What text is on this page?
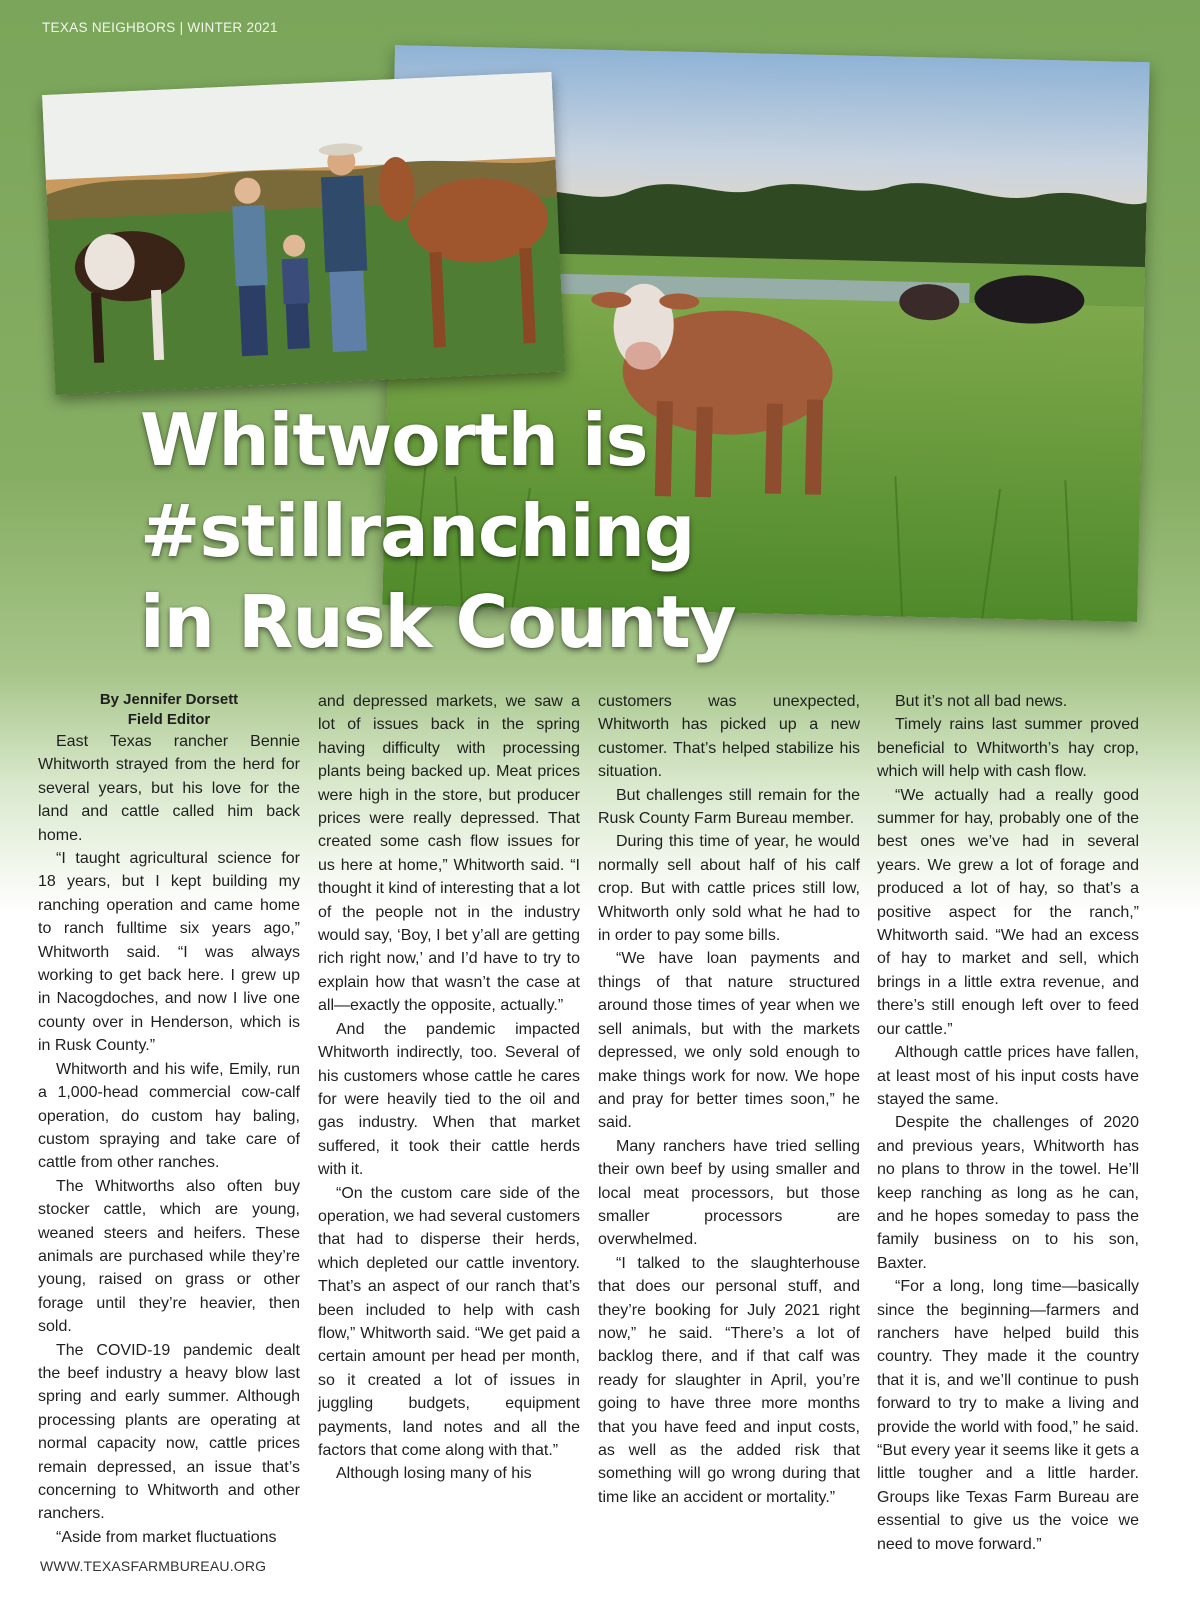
TEXAS NEIGHBORS | WINTER 2021
Whitworth is
#stillranching
in Rusk County
By Jennifer Dorsett
Field Editor

East Texas rancher Bennie Whitworth strayed from the herd for several years, but his love for the land and cattle called him back home.

“I taught agricultural science for 18 years, but I kept building my ranching operation and came home to ranch fulltime six years ago,” Whitworth said. “I was always working to get back here. I grew up in Nacogdoches, and now I live one county over in Henderson, which is in Rusk County.”

Whitworth and his wife, Emily, run a 1,000-head commercial cow-calf operation, do custom hay baling, custom spraying and take care of cattle from other ranches.

The Whitworths also often buy stocker cattle, which are young, weaned steers and heifers. These animals are purchased while they’re young, raised on grass or other forage until they’re heavier, then sold.

The COVID-19 pandemic dealt the beef industry a heavy blow last spring and early summer. Although processing plants are operating at normal capacity now, cattle prices remain depressed, an issue that’s concerning to Whitworth and other ranchers.

“Aside from market fluctuations

and depressed markets, we saw a lot of issues back in the spring having difficulty with processing plants being backed up. Meat prices were high in the store, but producer prices were really depressed. That created some cash flow issues for us here at home,” Whitworth said. “I thought it kind of interesting that a lot of the people not in the industry would say, ‘Boy, I bet y’all are getting rich right now,’ and I’d have to try to explain how that wasn’t the case at all—exactly the opposite, actually.”

And the pandemic impacted Whitworth indirectly, too. Several of his customers whose cattle he cares for were heavily tied to the oil and gas industry. When that market suffered, it took their cattle herds with it.

“On the custom care side of the operation, we had several customers that had to disperse their herds, which depleted our cattle inventory. That’s an aspect of our ranch that’s been included to help with cash flow,” Whitworth said. “We get paid a certain amount per head per month, so it created a lot of issues in juggling budgets, equipment payments, land notes and all the factors that come along with that.”

Although losing many of his

customers was unexpected, Whitworth has picked up a new customer. That’s helped stabilize his situation.

But challenges still remain for the Rusk County Farm Bureau member.

During this time of year, he would normally sell about half of his calf crop. But with cattle prices still low, Whitworth only sold what he had to in order to pay some bills.

“We have loan payments and things of that nature structured around those times of year when we sell animals, but with the markets depressed, we only sold enough to make things work for now. We hope and pray for better times soon,” he said.

Many ranchers have tried selling their own beef by using smaller and local meat processors, but those smaller processors are overwhelmed.

“I talked to the slaughterhouse that does our personal stuff, and they’re booking for July 2021 right now,” he said. “There’s a lot of backlog there, and if that calf was ready for slaughter in April, you’re going to have three more months that you have feed and input costs, as well as the added risk that something will go wrong during that time like an accident or mortality.”

But it’s not all bad news.

Timely rains last summer proved beneficial to Whitworth’s hay crop, which will help with cash flow.

“We actually had a really good summer for hay, probably one of the best ones we’ve had in several years. We grew a lot of forage and produced a lot of hay, so that’s a positive aspect for the ranch,” Whitworth said. “We had an excess of hay to market and sell, which brings in a little extra revenue, and there’s still enough left over to feed our cattle.”

Although cattle prices have fallen, at least most of his input costs have stayed the same.

Despite the challenges of 2020 and previous years, Whitworth has no plans to throw in the towel. He’ll keep ranching as long as he can, and he hopes someday to pass the family business on to his son, Baxter.

“For a long, long time—basically since the beginning—farmers and ranchers have helped build this country. They made it the country that it is, and we’ll continue to push forward to try to make a living and provide the world with food,” he said. “But every year it seems like it gets a little tougher and a little harder. Groups like Texas Farm Bureau are essential to give us the voice we need to move forward.”

WWW.TEXASFARMBUREAU.ORG
